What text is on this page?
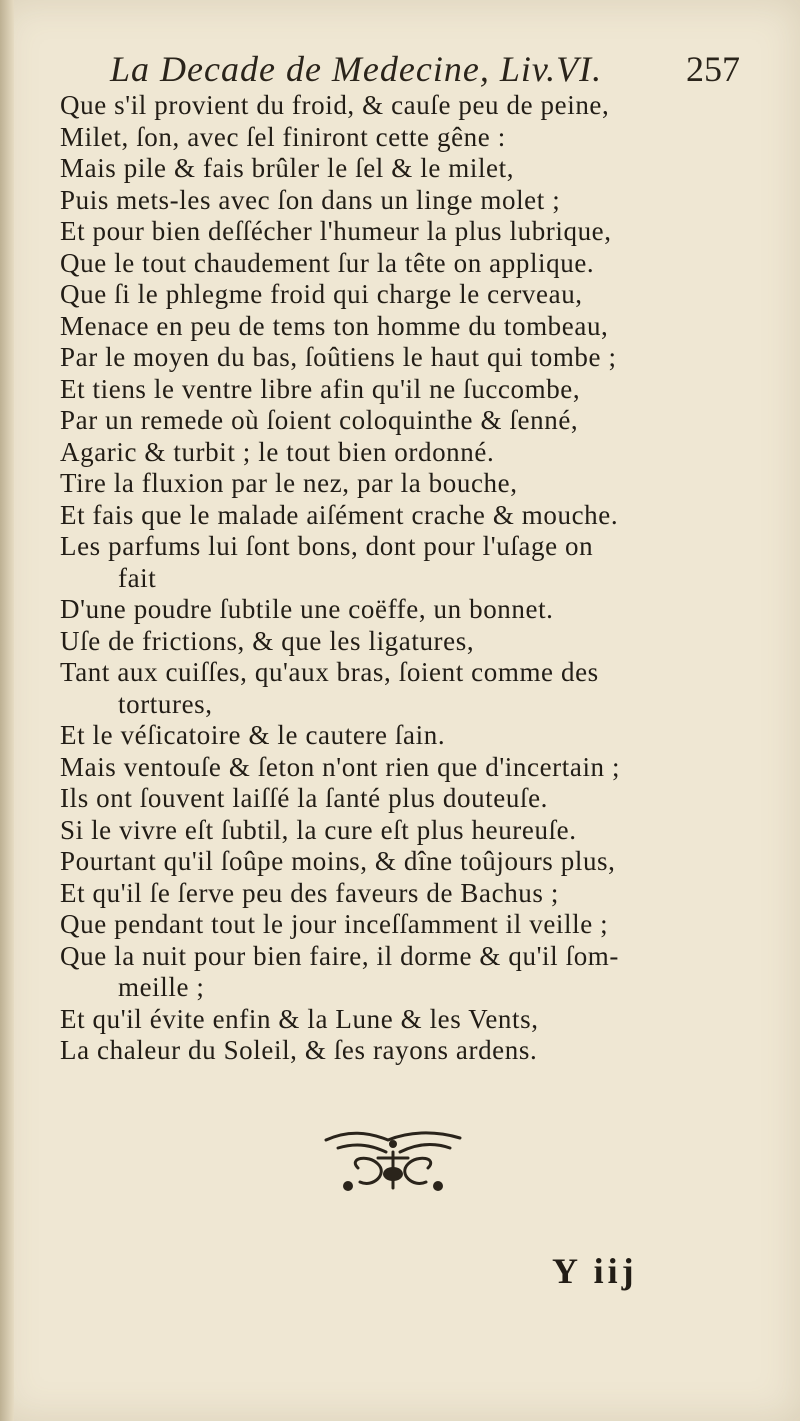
La Decade de Medecine, Liv.VI. 257
Que s'il provient du froid, & cauſe peu de peine,
Milet, ſon, avec ſel finiront cette gêne :
Mais pile & fais brûler le ſel & le milet,
Puis mets-les avec ſon dans un linge molet ;
Et pour bien deſſécher l'humeur la plus lubrique,
Que le tout chaudement ſur la tête on applique.
Que ſi le phlegme froid qui charge le cerveau,
Menace en peu de tems ton homme du tombeau,
Par le moyen du bas, ſoûtiens le haut qui tombe ;
Et tiens le ventre libre afin qu'il ne ſuccombe,
Par un remede où ſoient coloquinthe & ſenné,
Agaric & turbit ; le tout bien ordonné.
Tire la fluxion par le nez, par la bouche,
Et fais que le malade aiſément crache & mouche.
Les parfums lui ſont bons, dont pour l'uſage on
fait
D'une poudre ſubtile une coëffe, un bonnet.
Uſe de frictions, & que les ligatures,
Tant aux cuiſſes, qu'aux bras, ſoient comme des
tortures,
Et le véſicatoire & le cautere ſain.
Mais ventouſe & ſeton n'ont rien que d'incertain ;
Ils ont ſouvent laiſſé la ſanté plus douteuſe.
Si le vivre eſt ſubtil, la cure eſt plus heureuſe.
Pourtant qu'il ſoûpe moins, & dîne toûjours plus,
Et qu'il ſe ſerve peu des faveurs de Bachus ;
Que pendant tout le jour inceſſamment il veille ;
Que la nuit pour bien faire, il dorme & qu'il ſom-
meille ;
Et qu'il évite enfin & la Lune & les Vents,
La chaleur du Soleil, & ſes rayons ardens.
Y iij
